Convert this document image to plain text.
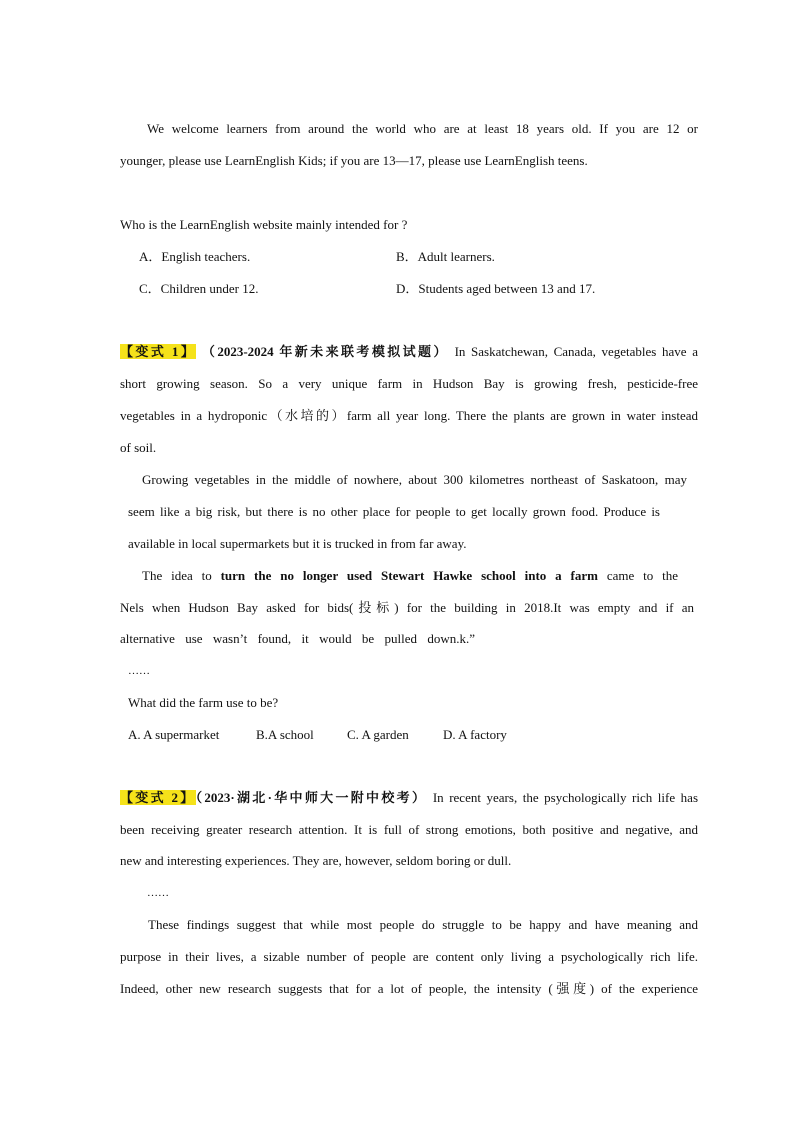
We welcome learners from around the world who are at least 18 years old. If you are 12 or
younger, please use LearnEnglish Kids; if you are 13—17, please use LearnEnglish teens.
Who is the LearnEnglish website mainly intended for ?
A．English teachers.	B．Adult learners.
C．Children under 12.	D．Students aged between 13 and 17.
【变式 1】 （2023-2024 年新未来联考模拟试题） In Saskatchewan, Canada, vegetables have a
short growing season. So a very unique farm in Hudson Bay is growing fresh, pesticide-free
vegetables in a hydroponic（水培的）farm all year long. There the plants are grown in water instead
of soil.
Growing vegetables in the middle of nowhere, about 300 kilometres northeast of Saskatoon, may
seem like a big risk, but there is no other place for people to get locally grown food. Produce is
available in local supermarkets but it is trucked in from far away.
The idea to turn the no longer used Stewart Hawke school into a farm came to the
Nels when Hudson Bay asked for bids(投标) for the building in 2018.It was empty and if an
alternative use wasn’t found, it would be pulled down.k.”
……
What did the farm use to be?
A. A supermarket	B.A school	C. A garden	D. A factory
【变式 2】（2023·湖北·华中师大一附中校考） In recent years, the psychologically rich life has
been receiving greater research attention. It is full of strong emotions, both positive and negative, and
new and interesting experiences. They are, however, seldom boring or dull.
……
These findings suggest that while most people do struggle to be happy and have meaning and
purpose in their lives, a sizable number of people are content only living a psychologically rich life.
Indeed, other new research suggests that for a lot of people, the intensity (强度) of the experience
